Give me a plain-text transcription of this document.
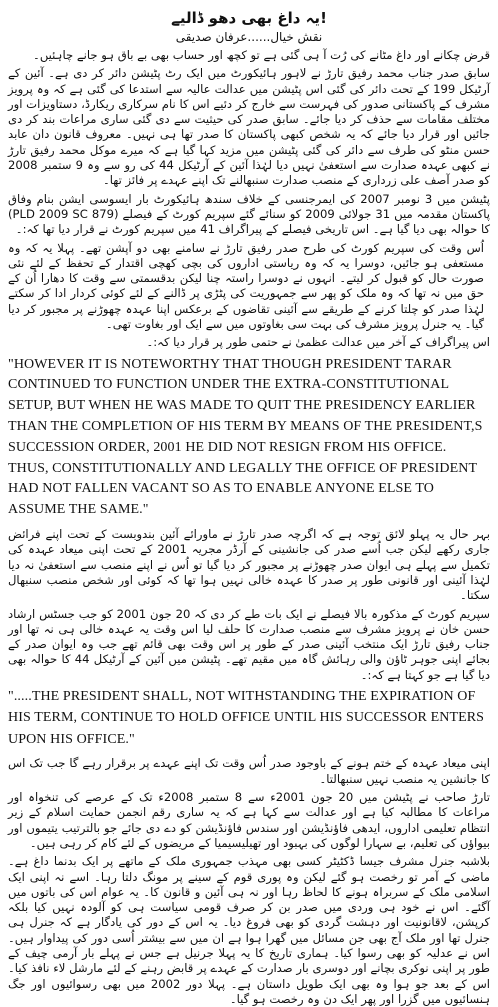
یہ داغ بھی دھو ڈالیے!
نقش خیال......عرفان صدیقی

قرض چکانے اور داغ مٹانے کی رُت آ ہی گئی ہے تو کچھ اور حساب بھی بے باق ہو جانے چاہئیں۔

سابق صدر جناب محمد رفیق تارڑ نے لاہور ہائیکورٹ میں ایک رٹ پٹیشن دائر کر دی ہے۔ آئین کے آرٹیکل 199 کے تحت دائر کی گئی اس پٹیشن میں عدالت عالیہ سے استدعا کی گئی ہے کہ وہ پرویز مشرف کے پاکستانی صدور کی فہرست سے خارج کر دئیے اس کا نام سرکاری ریکارڈ، دستاویزات اور مختلف مقامات سے حذف کر دیا جائے۔ سابق صدر کی حیثیت سے دی گئی ساری مراعات بند کر دی جائیں اور قرار دیا جائے کہ یہ شخص کبھی پاکستان کا صدر تھا ہی نہیں۔ معروف قانون دان عابد حسن منٹو کی طرف سے دائر کی گئی پٹیشن میں مزید کہا گیا ہے کہ میرے موکل محمد رفیق تارڑ نے کبھی عہدہ صدارت سے استعفیٰ نہیں دیا لہٰذا آئین کے آرٹیکل 44 کی رو سے وہ 9 ستمبر 2008 کو صدر آصف علی زرداری کے منصب صدارت سنبھالنے تک اپنے عہدے پر فائز تھا۔

پٹیشن میں 3 نومبر 2007 کی ایمرجنسی کے خلاف سندھ ہائیکورٹ بار ایسوسی ایشن بنام وفاق پاکستان مقدمہ میں 31 جولائی 2009 کو سنائے گئے سپریم کورٹ کے فیصلے (PLD 2009 SC 879) کا حوالہ بھی دیا گیا ہے۔ اس تاریخی فیصلے کے پیراگراف 41 میں سپریم کورٹ نے قرار دیا تھا کہ:۔

اُس وقت کی سپریم کورٹ کی طرح صدر رفیق تارڑ نے سامنے بھی دو آپشن تھے۔ پہلا یہ کہ وہ مستعفی ہو جائیں، دوسرا یہ کہ وہ ریاستی اداروں کی بچی کھچی اقتدار کے تحفظ کے لئے نئی صورت حال کو قبول کر لیتے۔ انہوں نے دوسرا راستہ چنا لیکن بدقسمتی سے وقت کا دھارا اُن کے حق میں نہ تھا کہ وہ ملک کو پھر سے جمہوریت کی پٹڑی پر ڈالنے کے لئے کوئی کردار ادا کر سکتے لہٰذا صدر کو چلتا کرنے کے طریقے سے آئینی تقاضوں کے برعکس اپنا عہدہ چھوڑنے پر مجبور کر دیا گیا۔ یہ جنرل پرویز مشرف کی بہت سی بغاوتوں میں سے ایک اور بغاوت تھی۔

اس پیراگراف کے آخر میں عدالت عظمیٰ نے حتمی طور پر قرار دیا کہ:۔

"HOWEVER IT IS NOTEWORTHY THAT THOUGH PRESIDENT TARAR CONTINUED TO FUNCTION UNDER THE EXTRA-CONSTITUTIONAL SETUP, BUT WHEN HE WAS MADE TO QUIT THE PRESIDENCY EARLIER THAN THE COMPLETION OF HIS TERM BY MEANS OF THE PRESIDENT,S SUCCESSION ORDER, 2001 HE DID NOT RESIGN FROM HIS OFFICE. THUS, CONSTITUTIONALLY AND LEGALLY THE OFFICE OF PRESIDENT HAD NOT FALLEN VACANT SO AS TO ENABLE ANYONE ELSE TO ASSUME THE SAME."

بہر حال یہ پہلو لائق توجہ ہے کہ اگرچہ صدر تارڑ نے ماورائے آئین بندوبست کے تحت اپنے فرائض جاری رکھے لیکن جب اُسے صدر کی جانشینی کے آرڈر مجریہ 2001 کے تحت اپنی میعاد عہدہ کی تکمیل سے پہلے ہی ایوان صدر چھوڑنے پر مجبور کر دیا گیا تو اُس نے اپنے منصب سے استعفیٰ نہ دیا لہٰذا آئینی اور قانونی طور پر صدر کا عہدہ خالی نہیں ہوا تھا کہ کوئی اور شخص منصب سنبھال سکتا۔

سپریم کورٹ کے مذکورہ بالا فیصلے نے ایک بات طے کر دی کہ 20 جون 2001 کو جب جسٹس ارشاد حسن خان نے پرویز مشرف سے منصب صدارت کا حلف لیا اس وقت یہ عہدہ خالی ہی نہ تھا اور جناب رفیق تارڑ ایک منتخب آئینی صدر کے طور پر اس وقت بھی قائم تھے جب وہ ایوان صدر کے بجائے اپنی جوہر ٹاؤن والی رہائش گاہ میں مقیم تھے۔ پٹیشن میں آئین کے آرٹیکل 44 کا حوالہ بھی دیا گیا ہے جو کہتا ہے کہ:۔

".....THE PRESIDENT SHALL, NOT WITHSTANDING THE EXPIRATION OF HIS TERM, CONTINUE TO HOLD OFFICE UNTIL HIS SUCCESSOR ENTERS UPON HIS OFFICE."

اپنی میعاد عہدہ کے ختم ہونے کے باوجود صدر اُس وقت تک اپنے عہدے پر برقرار رہے گا جب تک اس کا جانشین یہ منصب نہیں سنبھالتا۔

تارڑ صاحب نے پٹیشن میں 20 جون 2001ء سے 8 ستمبر 2008ء تک کے عرصے کی تنخواہ اور مراعات کا مطالبہ کیا ہے اور عدالت سے کہا ہے کہ یہ ساری رقم انجمن حمایت اسلام کے زیر انتظام تعلیمی اداروں، ایدھی فاؤنڈیشن اور سندس فاؤنڈیشن کو دے دی جائے جو بالترتیب یتیموں اور بیواؤں کی تعلیم، بے سہارا لوگوں کی بہبود اور تھیلیسیمیا کے مریضوں کے لئے کام کر رہی ہیں۔

بلاشبہ جنرل مشرف جیسا ڈکٹیٹر کسی بھی مہذب جمہوری ملک کے ماتھے پر ایک بدنما داغ ہے۔ ماضی کے آمر تو رخصت ہو گئے لیکن وہ پوری قوم کے سینے پر مونگ دلتا رہا۔ اسے نہ اپنی ایک اسلامی ملک کے سربراہ ہونے کا لحاظ رہا اور نہ ہی آئین و قانون کا۔ یہ عوام اس کی باتوں میں آگئے۔ اس نے خود ہی وردی میں صدر بن کر صرف قومی سیاست ہی کو آلودہ نہیں کیا بلکہ کرپشن، لاقانونیت اور دہشت گردی کو بھی فروغ دیا۔ یہ اس کے دور کی یادگار ہے کہ جنرل ہی جنرل تھا اور ملک آج بھی جن مسائل میں گھرا ہوا ہے ان میں سے بیشتر اُسی دور کی پیداوار ہیں۔ اس نے عدلیہ کو بھی رسوا کیا۔ ہماری تاریخ کا یہ پہلا جرنیل ہے جس نے پہلے بار آرمی چیف کے طور پر اپنی نوکری بچانے اور دوسری بار صدارت کے عہدے پر قابض رہنے کے لئے مارشل لاء نافذ کیا۔ اس کے بعد جو ہوا وہ بھی ایک طویل داستان ہے۔ پہلا دور 2002 میں بھی رسوائیوں اور جگ ہنسائیوں میں گزرا اور پھر ایک دن وہ رخصت ہو گیا۔
